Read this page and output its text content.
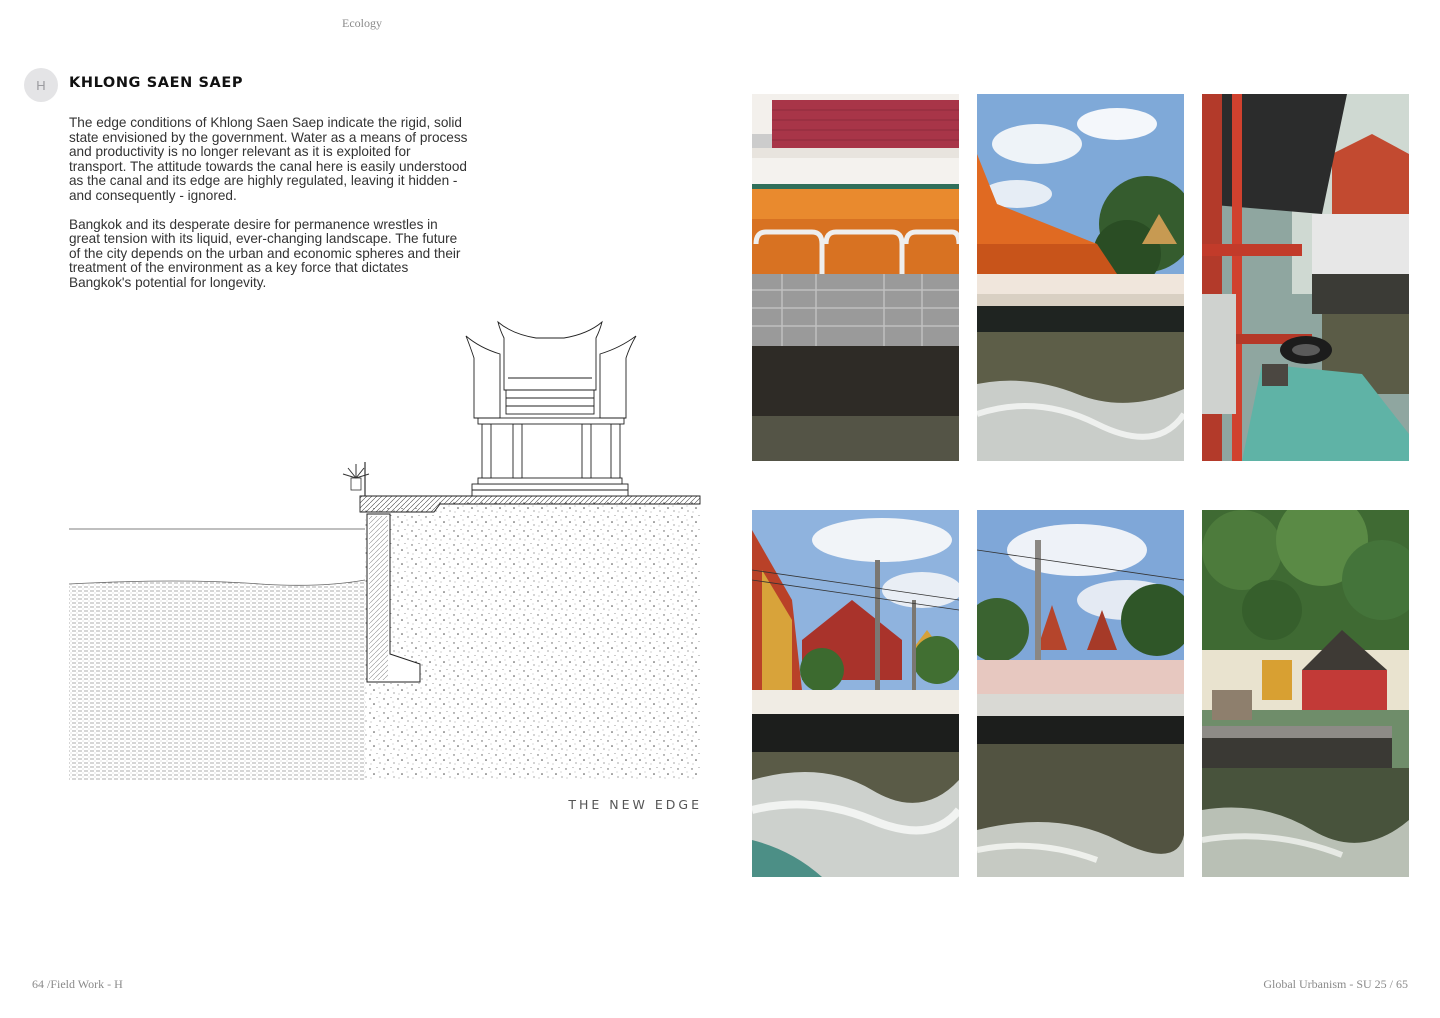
Ecology
H	KHLONG SAEN SAEP

The edge conditions of Khlong Saen Saep indicate the rigid, solid state envisioned by the government. Water as a means of process and productivity is no longer relevant as it is exploited for transport. The attitude towards the canal here is easily understood as the canal and its edge are highly regulated, leaving it hidden - and consequently - ignored.

Bangkok and its desperate desire for permanence wrestles in great tension with its liquid, ever-changing landscape. The future of the city depends on the urban and economic spheres and their treatment of the environment as a key force that dictates Bangkok's potential for longevity.

THE NEW EDGE
64 /Field Work - H	Global Urbanism - SU 25 / 65
